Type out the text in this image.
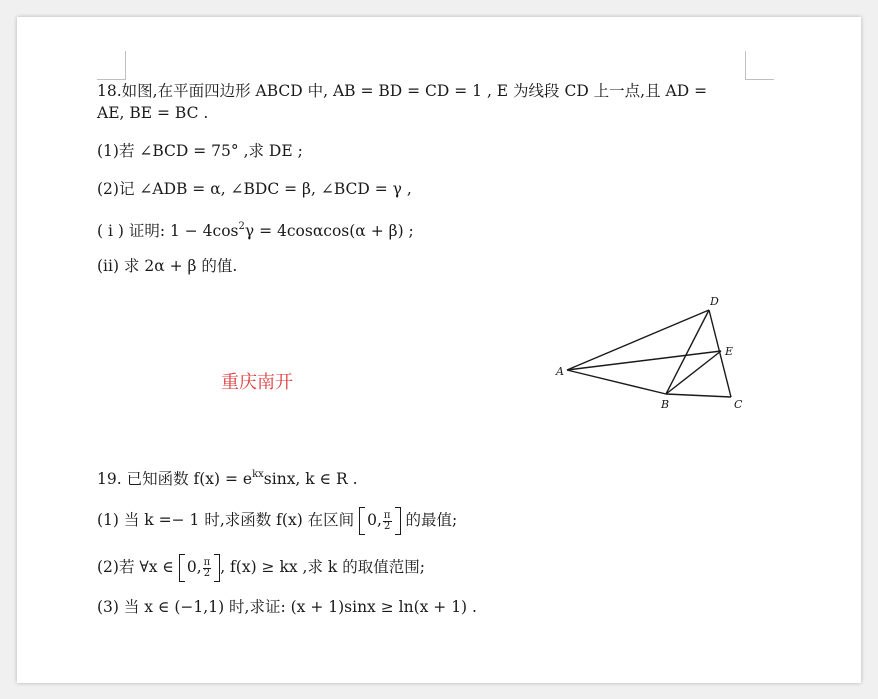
18.如图,在平面四边形 ABCD 中, AB = BD = CD = 1 , E 为线段 CD 上一点,且 AD =
AE, BE = BC .
(1)若 ∠BCD = 75° ,求 DE ;
(2)记 ∠ADB = α, ∠BDC = β, ∠BCD = γ ,
( i ) 证明: $1 - 4\cos^2\gamma = 4\cos\alpha\cos(\alpha + \beta)$ ;
(ii) 求 2α + β 的值.
重庆南开
A
B	C
D
E
19. 已知函数 $f(x) = e^{kx}\sin x$, k ∈ R .
(1) 当 k =− 1 时,求函数 f(x) 在区间 0, $\frac{\pi}{2}$ 的最值;
(2)若 ∀x ∈ 0, $\frac{\pi}{2}$ , f(x) ≥ kx ,求 k 的取值范围;
(3) 当 x ∈ (−1,1) 时,求证: (x + 1)sinx ≥ ln(x + 1) .
